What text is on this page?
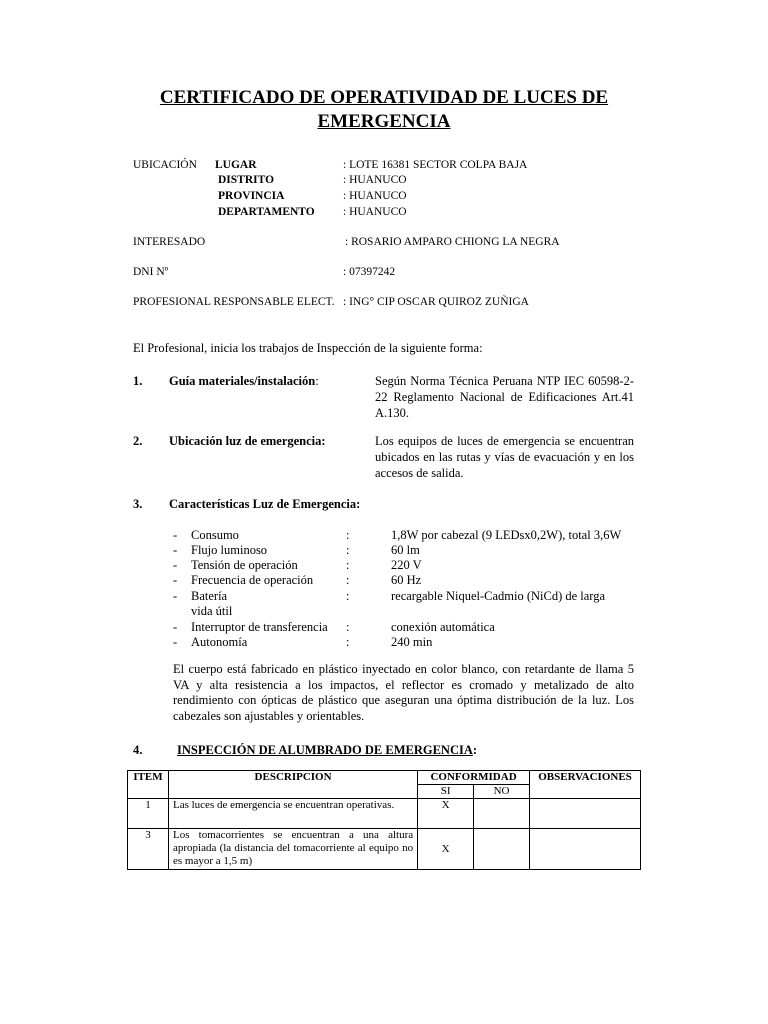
CERTIFICADO DE OPERATIVIDAD DE LUCES DE
EMERGENCIA
UBICACIÓN LUGAR	: LOTE 16381 SECTOR COLPA BAJA
DISTRITO	: HUANUCO
PROVINCIA	: HUANUCO
DEPARTAMENTO : HUANUCO
INTERESADO	: ROSARIO AMPARO CHIONG LA NEGRA
DNI Nº	: 07397242
PROFESIONAL RESPONSABLE ELECT. : ING° CIP OSCAR QUIROZ ZUÑIGA
El Profesional, inicia los trabajos de Inspección de la siguiente forma:
1. Guía materiales/instalación:	Según Norma Técnica Peruana NTP IEC 60598-2-22 Reglamento Nacional de Edificaciones Art.41 A.130.
2. Ubicación luz de emergencia:	Los equipos de luces de emergencia se encuentran ubicados en las rutas y vías de evacuación y en los accesos de salida.
3. Características Luz de Emergencia:
- Consumo	:	1,8W por cabezal (9 LEDsx0,2W), total 3,6W
- Flujo luminoso	:	60 lm
- Tensión de operación	:	220 V
- Frecuencia de operación	:	60 Hz
- Batería	:	recargable Niquel-Cadmio (NiCd) de larga
vida útil
- Interruptor de transferencia :	conexión automática
- Autonomía	:	240 min
El cuerpo está fabricado en plástico inyectado en color blanco, con retardante de llama 5 VA y alta resistencia a los impactos, el reflector es cromado y metalizado de alto rendimiento con ópticas de plástico que aseguran una óptima distribución de la luz. Los cabezales son ajustables y orientables.
4.	INSPECCIÓN DE ALUMBRADO DE EMERGENCIA:
ITEM	DESCRIPCION	CONFORMIDAD		OBSERVACIONES
		SI	NO	
1	Las luces de emergencia se encuentran operativas.	X		
3	Los tomacorrientes se encuentran a una altura apropiada (la distancia del tomacorriente al equipo no es mayor a 1,5 m)	X		
